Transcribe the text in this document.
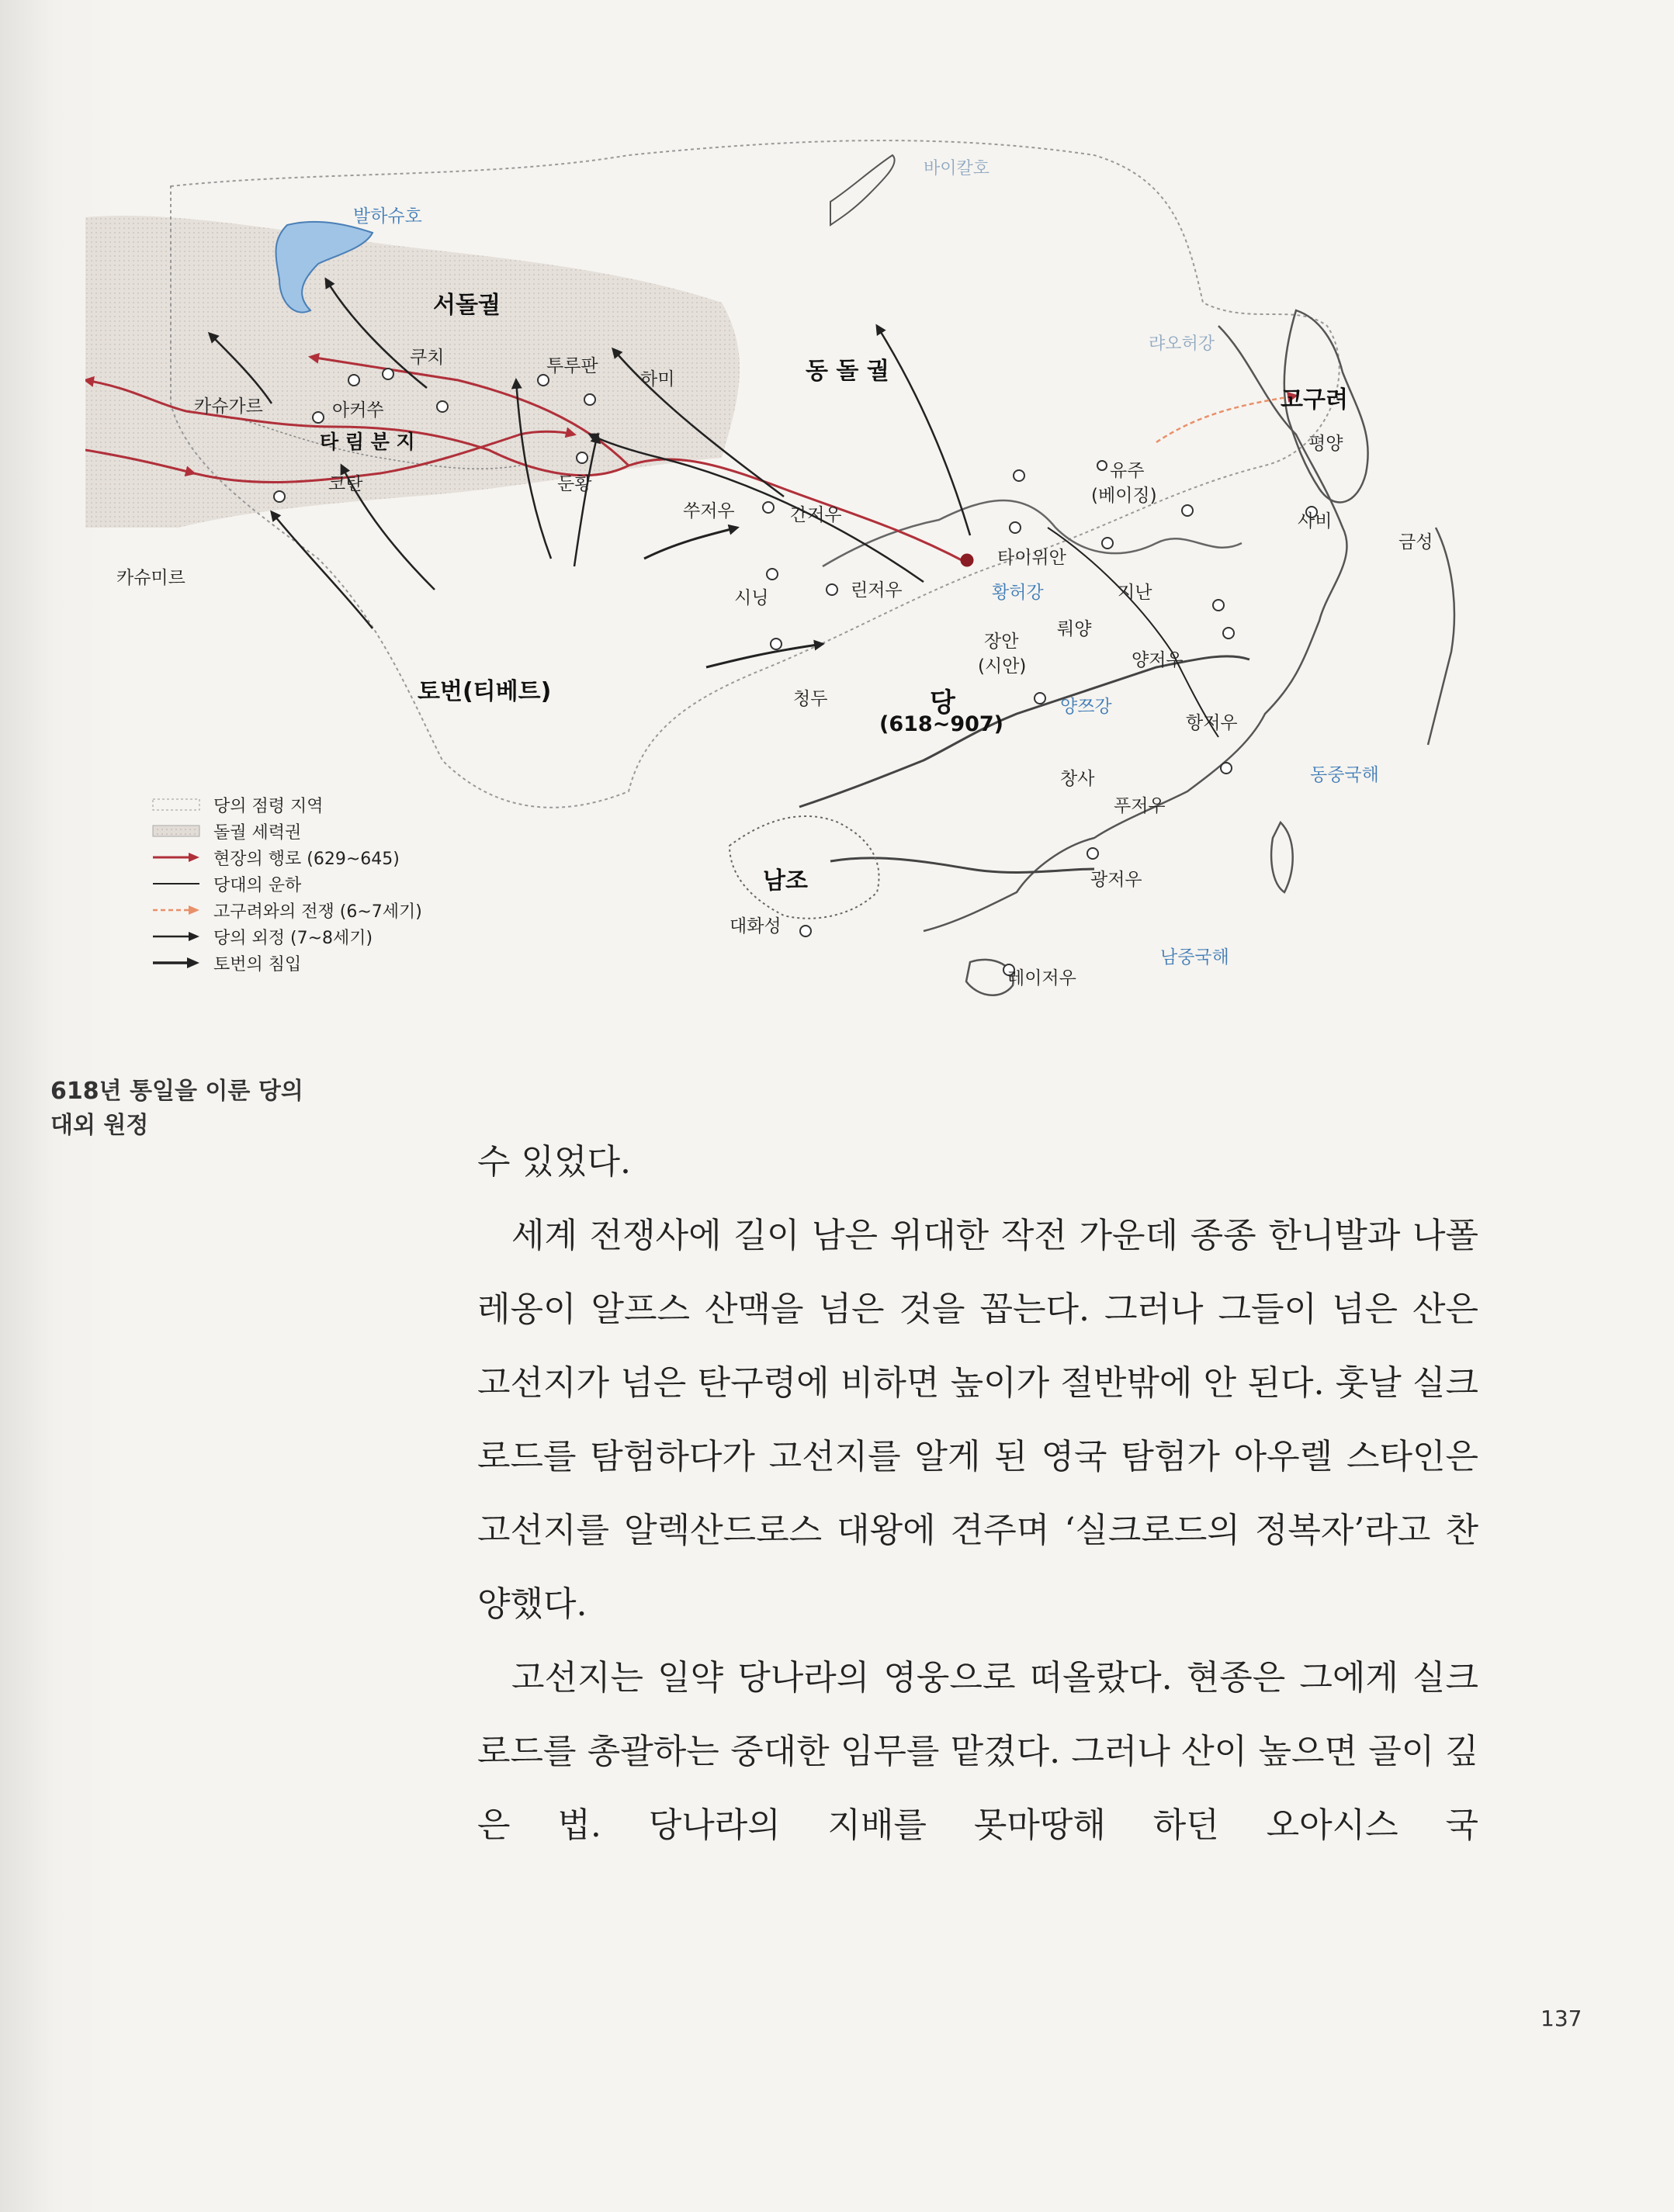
바이칼호
발하슈호
랴오허강
황허강
양쯔강
동중국해
남중국해
서돌궐
동 돌 궐
타 림 분 지
토번(티베트)	당
(618~907)
고구려
남조
쿠치	투루판
하미
카슈가르	아커쑤
코탄	둔황
쑤저우	간저우
시닝	린저우
카슈미르
장안
(시안)
뤄양
타이위안
지난
유주
(베이징)
평양
사비
금성
양저우
항저우
청두
창사
푸저우
광저우
대화성
레이저우
당의 점령 지역
돌궐 세력권
현장의 행로 (629~645)
당대의 운하
고구려와의 전쟁 (6~7세기)
당의 외정 (7~8세기)
토번의 침입
618년 통일을 이룬 당의
대외 원정

수 있었다.

세계 전쟁사에 길이 남은 위대한 작전 가운데 종종 한니발과 나폴레옹이 알프스 산맥을 넘은 것을 꼽는다. 그러나 그들이 넘은 산은 고선지가 넘은 탄구령에 비하면 높이가 절반밖에 안 된다. 훗날 실크로드를 탐험하다가 고선지를 알게 된 영국 탐험가 아우렐 스타인은 고선지를 알렉산드로스 대왕에 견주며 ‘실크로드의 정복자’라고 찬양했다.

고선지는 일약 당나라의 영웅으로 떠올랐다. 현종은 그에게 실크로드를 총괄하는 중대한 임무를 맡겼다. 그러나 산이 높으면 골이 깊은 법. 당나라의 지배를 못마땅해 하던 오아시스 국

137
